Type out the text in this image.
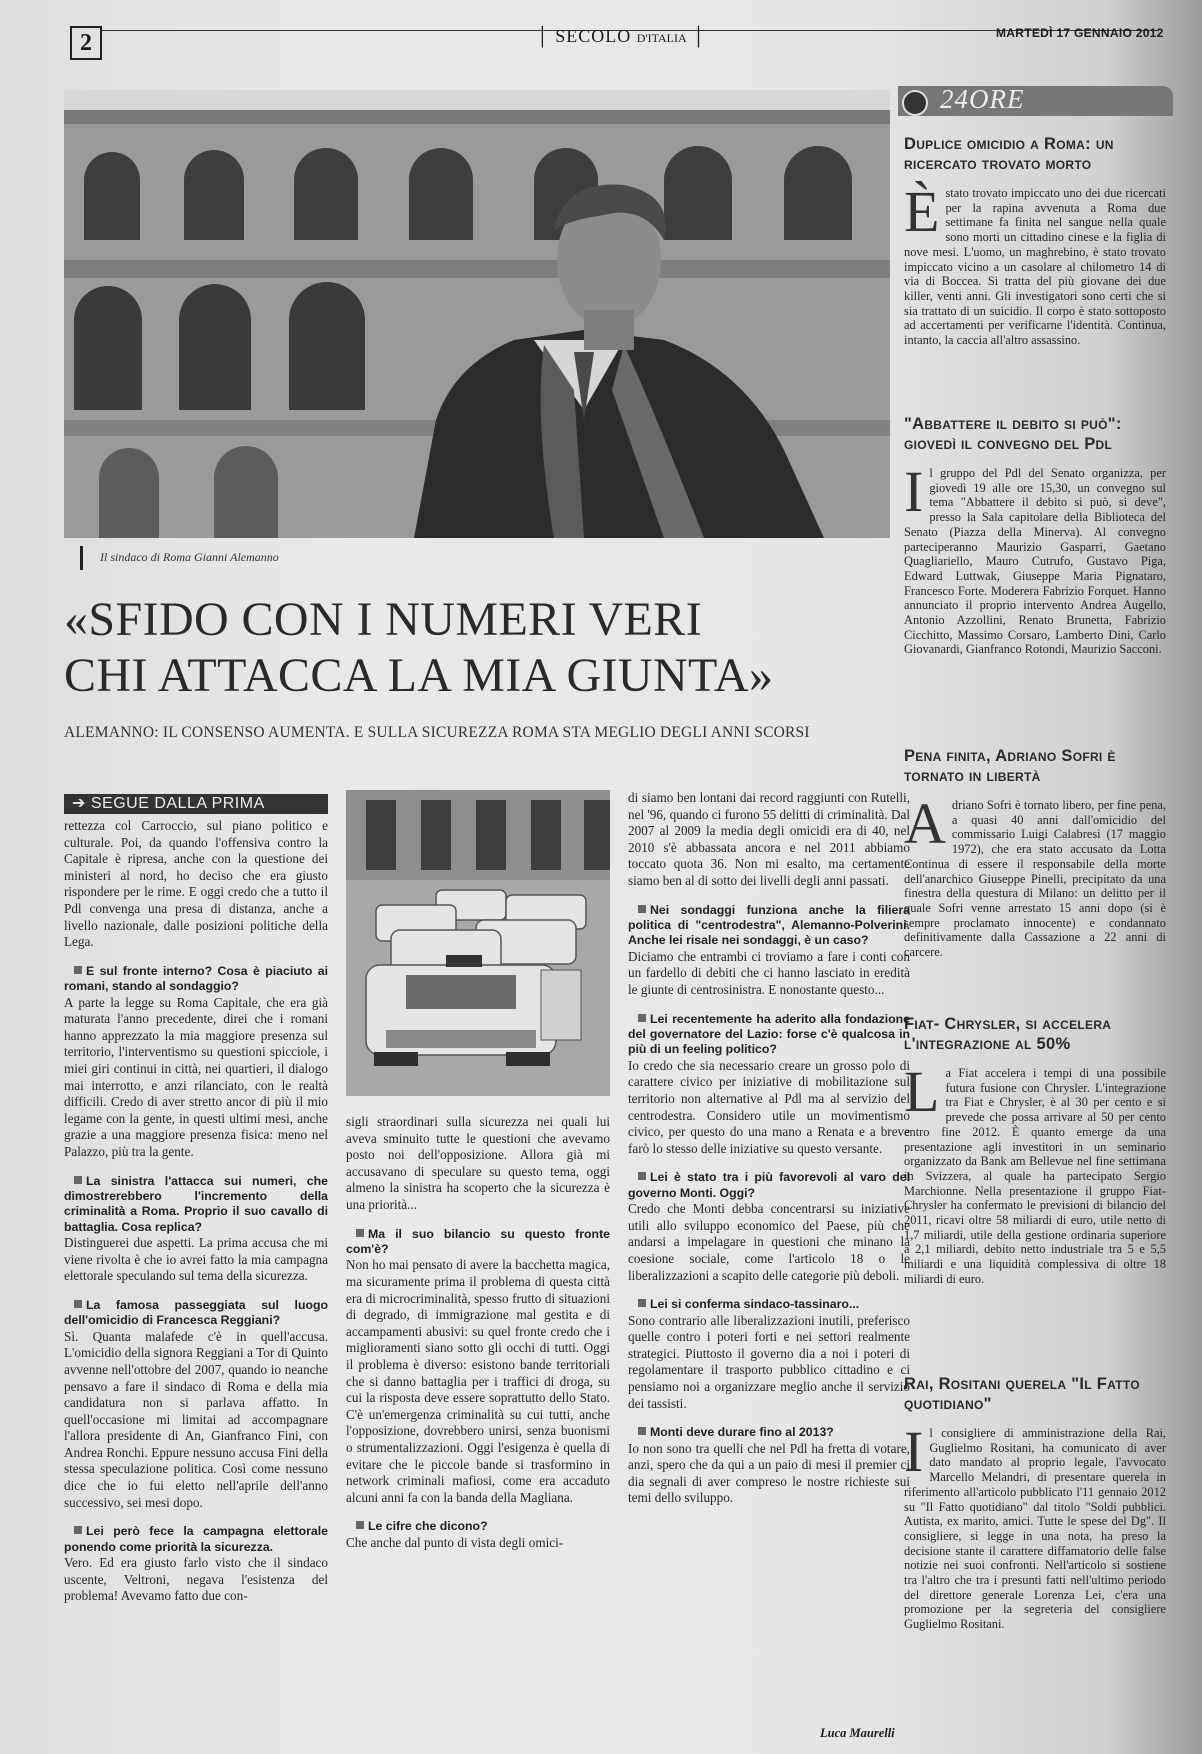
2	│ SECOLO D'ITALIA │	MARTEDÌ 17 GENNAIO 2012
Il sindaco di Roma Gianni Alemanno
«SFIDO CON I NUMERI VERI
CHI ATTACCA LA MIA GIUNTA»
ALEMANNO: IL CONSENSO AUMENTA. E SULLA SICUREZZA ROMA STA MEGLIO DEGLI ANNI SCORSI
➔ SEGUE DALLA PRIMA

rettezza col Carroccio, sul piano politico e culturale. Poi, da quando l'offensiva contro la Capitale è ripresa, anche con la questione dei ministeri al nord, ho deciso che era giusto rispondere per le rime. E oggi credo che a tutto il Pdl convenga una presa di distanza, anche a livello nazionale, dalle posizioni politiche della Lega.

E sul fronte interno? Cosa è piaciuto ai romani, stando al sondaggio?

A parte la legge su Roma Capitale, che era già maturata l'anno precedente, direi che i romani hanno apprezzato la mia maggiore presenza sul territorio, l'interventismo su questioni spicciole, i miei giri continui in città, nei quartieri, il dialogo mai interrotto, e anzi rilanciato, con le realtà difficili. Credo di aver stretto ancor di più il mio legame con la gente, in questi ultimi mesi, anche grazie a una maggiore presenza fisica: meno nel Palazzo, più tra la gente.

La sinistra l'attacca sui numeri, che dimostrerebbero l'incremento della criminalità a Roma. Proprio il suo cavallo di battaglia. Cosa replica?

Distinguerei due aspetti. La prima accusa che mi viene rivolta è che io avrei fatto la mia campagna elettorale speculando sul tema della sicurezza.

La famosa passeggiata sul luogo dell'omicidio di Francesca Reggiani?

Sì. Quanta malafede c'è in quell'accusa. L'omicidio della signora Reggiani a Tor di Quinto avvenne nell'ottobre del 2007, quando io neanche pensavo a fare il sindaco di Roma e della mia candidatura non si parlava affatto. In quell'occasione mi limitai ad accompagnare l'allora presidente di An, Gianfranco Fini, con Andrea Ronchi. Eppure nessuno accusa Fini della stessa speculazione politica. Così come nessuno dice che io fui eletto nell'aprile dell'anno successivo, sei mesi dopo.

Lei però fece la campagna elettorale ponendo come priorità la sicurezza.

Vero. Ed era giusto farlo visto che il sindaco uscente, Veltroni, negava l'esistenza del problema! Avevamo fatto due con-

sigli straordinari sulla sicurezza nei quali lui aveva sminuito tutte le questioni che avevamo posto noi dell'opposizione. Allora già mi accusavano di speculare su questo tema, oggi almeno la sinistra ha scoperto che la sicurezza è una priorità...

Ma il suo bilancio su questo fronte com'è?

Non ho mai pensato di avere la bacchetta magica, ma sicuramente prima il problema di questa città era di microcriminalità, spesso frutto di situazioni di degrado, di immigrazione mal gestita e di accampamenti abusivi: su quel fronte credo che i miglioramenti siano sotto gli occhi di tutti. Oggi il problema è diverso: esistono bande territoriali che si danno battaglia per i traffici di droga, su cui la risposta deve essere soprattutto dello Stato. C'è un'emergenza criminalità su cui tutti, anche l'opposizione, dovrebbero unirsi, senza buonismi o strumentalizzazioni. Oggi l'esigenza è quella di evitare che le piccole bande si trasformino in network criminali mafiosi, come era accaduto alcuni anni fa con la banda della Magliana.

Le cifre che dicono?

Che anche dal punto di vista degli omici-

di siamo ben lontani dai record raggiunti con Rutelli, nel '96, quando ci furono 55 delitti di criminalità. Dal 2007 al 2009 la media degli omicidi era di 40, nel 2010 s'è abbassata ancora e nel 2011 abbiamo toccato quota 36. Non mi esalto, ma certamente siamo ben al di sotto dei livelli degli anni passati.

Nei sondaggi funziona anche la filiera politica di "centrodestra", Alemanno-Polverini. Anche lei risale nei sondaggi, è un caso?

Diciamo che entrambi ci troviamo a fare i conti con un fardello di debiti che ci hanno lasciato in eredità le giunte di centrosinistra. E nonostante questo...

Lei recentemente ha aderito alla fondazione del governatore del Lazio: forse c'è qualcosa in più di un feeling politico?

Io credo che sia necessario creare un grosso polo di carattere civico per iniziative di mobilitazione sul territorio non alternative al Pdl ma al servizio del centrodestra. Considero utile un movimentismo civico, per questo do una mano a Renata e a breve farò lo stesso delle iniziative su questo versante.

Lei è stato tra i più favorevoli al varo del governo Monti. Oggi?

Credo che Monti debba concentrarsi su iniziative utili allo sviluppo economico del Paese, più che andarsi a impelagare in questioni che minano la coesione sociale, come l'articolo 18 o le liberalizzazioni a scapito delle categorie più deboli.

Lei si conferma sindaco-tassinaro...

Sono contrario alle liberalizzazioni inutili, preferisco quelle contro i poteri forti e nei settori realmente strategici. Piuttosto il governo dia a noi i poteri di regolamentare il trasporto pubblico cittadino e ci pensiamo noi a organizzare meglio anche il servizio dei tassisti.

Monti deve durare fino al 2013?

Io non sono tra quelli che nel Pdl ha fretta di votare, anzi, spero che da qui a un paio di mesi il premier ci dia segnali di aver compreso le nostre richieste sui temi dello sviluppo.

Luca Maurelli
24ORE
Duplice omicidio a Roma: un ricercato trovato morto

Èstato trovato impiccato uno dei due ricercati per la rapina avvenuta a Roma due settimane fa finita nel sangue nella quale sono morti un cittadino cinese e la figlia di nove mesi. L'uomo, un maghrebino, è stato trovato impiccato vicino a un casolare al chilometro 14 di via di Boccea. Si tratta del più giovane dei due killer, venti anni. Gli investigatori sono certi che si sia trattato di un suicidio. Il corpo è stato sottoposto ad accertamenti per verificarne l'identità. Continua, intanto, la caccia all'altro assassino.

"Abbattere il debito si può": giovedì il convegno del Pdl

Il gruppo del Pdl del Senato organizza, per giovedì 19 alle ore 15,30, un convegno sul tema "Abbattere il debito si può, si deve", presso la Sala capitolare della Biblioteca del Senato (Piazza della Minerva). Al convegno parteciperanno Maurizio Gasparri, Gaetano Quagliariello, Mauro Cutrufo, Gustavo Piga, Edward Luttwak, Giuseppe Maria Pignataro, Francesco Forte. Moderera Fabrizio Forquet. Hanno annunciato il proprio intervento Andrea Augello, Antonio Azzollini, Renato Brunetta, Fabrizio Cicchitto, Massimo Corsaro, Lamberto Dini, Carlo Giovanardi, Gianfranco Rotondi, Maurizio Sacconi.

Pena finita, Adriano Sofri è tornato in libertà

Adriano Sofri è tornato libero, per fine pena, a quasi 40 anni dall'omicidio del commissario Luigi Calabresi (17 maggio 1972), che era stato accusato da Lotta Continua di essere il responsabile della morte dell'anarchico Giuseppe Pinelli, precipitato da una finestra della questura di Milano: un delitto per il quale Sofri venne arrestato 15 anni dopo (si è sempre proclamato innocente) e condannato definitivamente dalla Cassazione a 22 anni di carcere.

Fiat- Chrysler, si accelera l'integrazione al 50%

La Fiat accelera i tempi di una possibile futura fusione con Chrysler. L'integrazione tra Fiat e Chrysler, è al 30 per cento e si prevede che possa arrivare al 50 per cento entro fine 2012. È quanto emerge da una presentazione agli investitori in un seminario organizzato da Bank am Bellevue nel fine settimana in Svizzera, al quale ha partecipato Sergio Marchionne. Nella presentazione il gruppo Fiat-Chrysler ha confermato le previsioni di bilancio del 2011, ricavi oltre 58 miliardi di euro, utile netto di 1,7 miliardi, utile della gestione ordinaria superiore a 2,1 miliardi, debito netto industriale tra 5 e 5,5 miliardi e una liquidità complessiva di oltre 18 miliardi di euro.

Rai, Rositani querela "Il Fatto quotidiano"

Il consigliere di amministrazione della Rai, Guglielmo Rositani, ha comunicato di aver dato mandato al proprio legale, l'avvocato Marcello Melandri, di presentare querela in riferimento all'articolo pubblicato l'11 gennaio 2012 su "Il Fatto quotidiano" dal titolo "Soldi pubblici. Autista, ex marito, amici. Tutte le spese del Dg". Il consigliere, si legge in una nota, ha preso la decisione stante il carattere diffamatorio delle false notizie nei suoi confronti. Nell'articolo si sostiene tra l'altro che tra i presunti fatti nell'ultimo periodo del direttore generale Lorenza Lei, c'era una promozione per la segreteria del consigliere Guglielmo Rositani.
